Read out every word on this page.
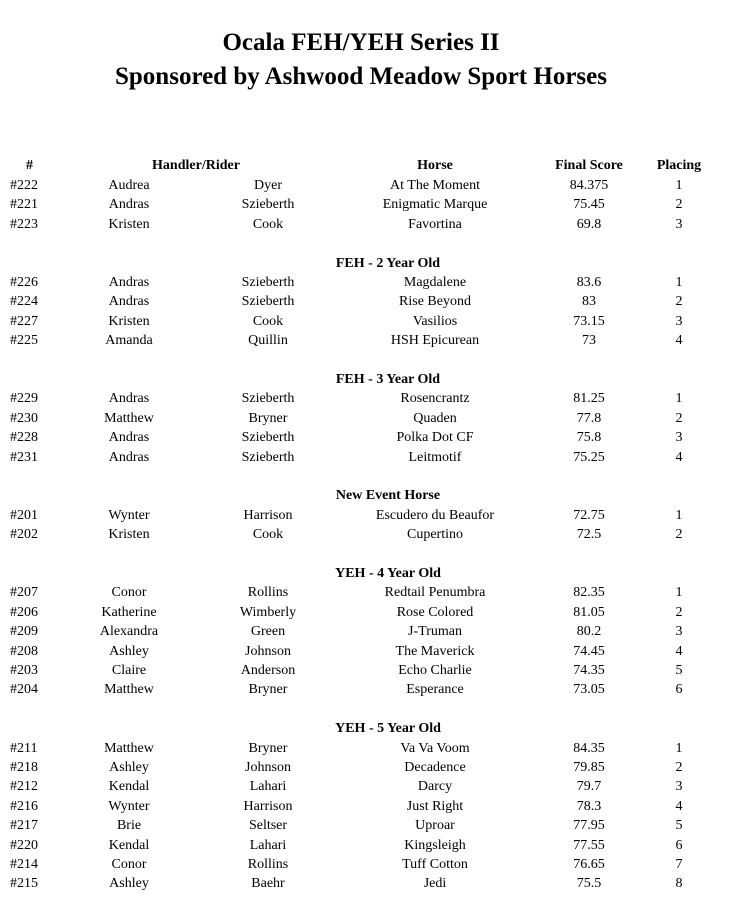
Ocala FEH/YEH Series II
Sponsored by Ashwood Meadow Sport Horses
#	Handler/Rider	Horse	Final Score	Placing
#222	Audrea	Dyer	At The Moment	84.375	1
#221	Andras	Szieberth	Enigmatic Marque	75.45	2
#223	Kristen	Cook	Favortina	69.8	3
FEH - 2 Year Old
#226	Andras	Szieberth	Magdalene	83.6	1
#224	Andras	Szieberth	Rise Beyond	83	2
#227	Kristen	Cook	Vasilios	73.15	3
#225	Amanda	Quillin	HSH Epicurean	73	4
FEH - 3 Year Old
#229	Andras	Szieberth	Rosencrantz	81.25	1
#230	Matthew	Bryner	Quaden	77.8	2
#228	Andras	Szieberth	Polka Dot CF	75.8	3
#231	Andras	Szieberth	Leitmotif	75.25	4
New Event Horse
#201	Wynter	Harrison	Escudero du Beaufor	72.75	1
#202	Kristen	Cook	Cupertino	72.5	2
YEH - 4 Year Old
#207	Conor	Rollins	Redtail Penumbra	82.35	1
#206	Katherine	Wimberly	Rose Colored	81.05	2
#209	Alexandra	Green	J-Truman	80.2	3
#208	Ashley	Johnson	The Maverick	74.45	4
#203	Claire	Anderson	Echo Charlie	74.35	5
#204	Matthew	Bryner	Esperance	73.05	6
YEH - 5 Year Old
#211	Matthew	Bryner	Va Va Voom	84.35	1
#218	Ashley	Johnson	Decadence	79.85	2
#212	Kendal	Lahari	Darcy	79.7	3
#216	Wynter	Harrison	Just Right	78.3	4
#217	Brie	Seltser	Uproar	77.95	5
#220	Kendal	Lahari	Kingsleigh	77.55	6
#214	Conor	Rollins	Tuff Cotton	76.65	7
#215	Ashley	Baehr	Jedi	75.5	8
